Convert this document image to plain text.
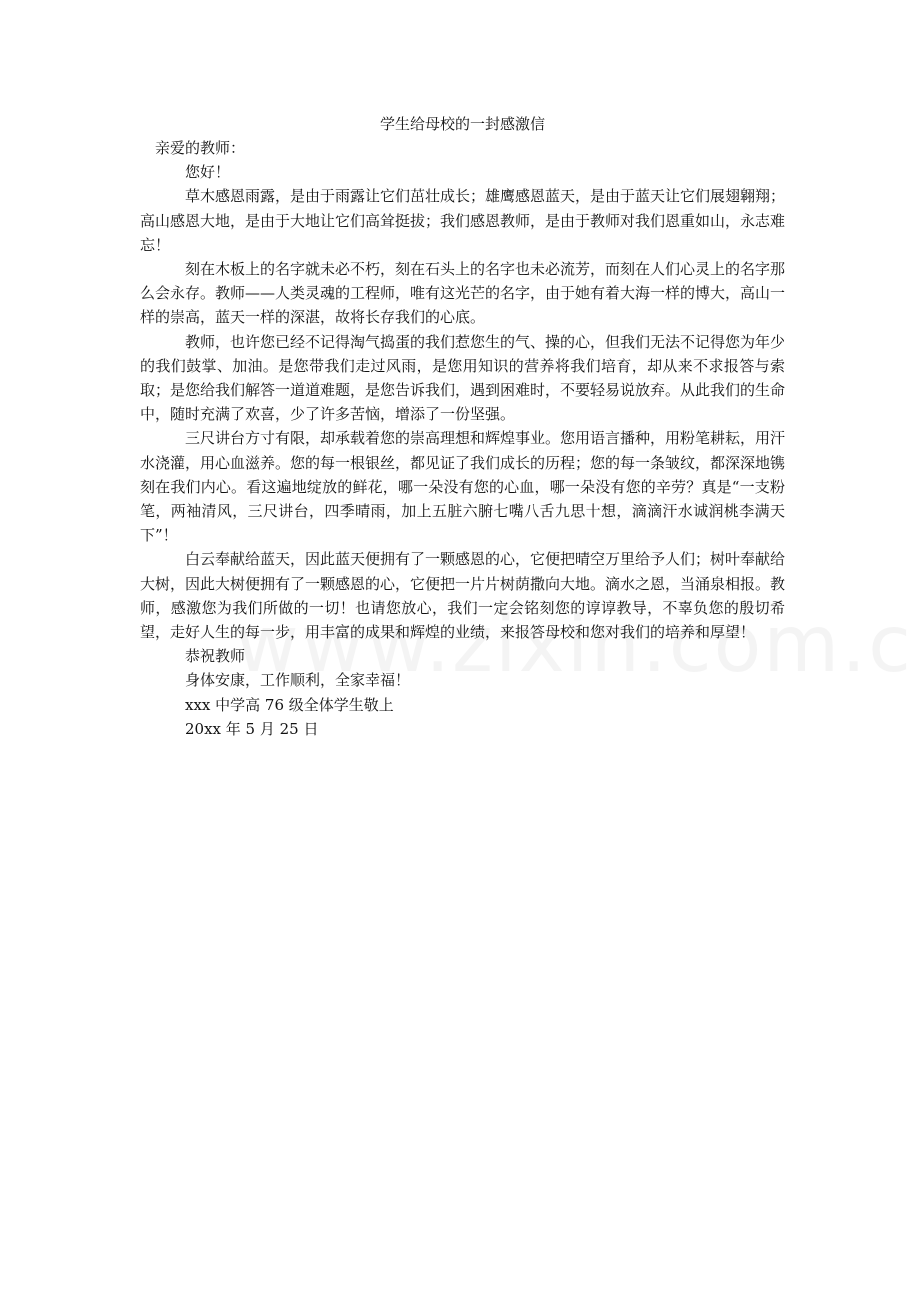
学生给母校的一封感激信

亲爱的教师：

您好！

草木感恩雨露，是由于雨露让它们茁壮成长；雄鹰感恩蓝天，是由于蓝天让它们展翅翱翔；高山感恩大地，是由于大地让它们高耸挺拔；我们感恩教师，是由于教师对我们恩重如山，永志难忘！

刻在木板上的名字就未必不朽，刻在石头上的名字也未必流芳，而刻在人们心灵上的名字那么会永存。教师——人类灵魂的工程师，唯有这光芒的名字，由于她有着大海一样的博大，高山一样的崇高，蓝天一样的深湛，故将长存我们的心底。

教师，也许您已经不记得淘气捣蛋的我们惹您生的气、操的心，但我们无法不记得您为年少的我们鼓掌、加油。是您带我们走过风雨，是您用知识的营养将我们培育，却从来不求报答与索取；是您给我们解答一道道难题，是您告诉我们，遇到困难时，不要轻易说放弃。从此我们的生命中，随时充满了欢喜，少了许多苦恼，增添了一份坚强。

三尺讲台方寸有限，却承载着您的崇高理想和辉煌事业。您用语言播种，用粉笔耕耘，用汗水浇灌，用心血滋养。您的每一根银丝，都见证了我们成长的历程；您的每一条皱纹，都深深地镌刻在我们内心。看这遍地绽放的鲜花，哪一朵没有您的心血，哪一朵没有您的辛劳？真是“一支粉笔，两袖清风，三尺讲台，四季晴雨，加上五脏六腑七嘴八舌九思十想，滴滴汗水诚润桃李满天下”！

白云奉献给蓝天，因此蓝天便拥有了一颗感恩的心，它便把晴空万里给予人们；树叶奉献给大树，因此大树便拥有了一颗感恩的心，它便把一片片树荫撒向大地。滴水之恩，当涌泉相报。教师，感激您为我们所做的一切！也请您放心，我们一定会铭刻您的谆谆教导，不辜负您的殷切希望，走好人生的每一步，用丰富的成果和辉煌的业绩，来报答母校和您对我们的培养和厚望！

恭祝教师

身体安康，工作顺利，全家幸福！

xxx 中学高 76 级全体学生敬上

20xx 年 5 月 25 日
